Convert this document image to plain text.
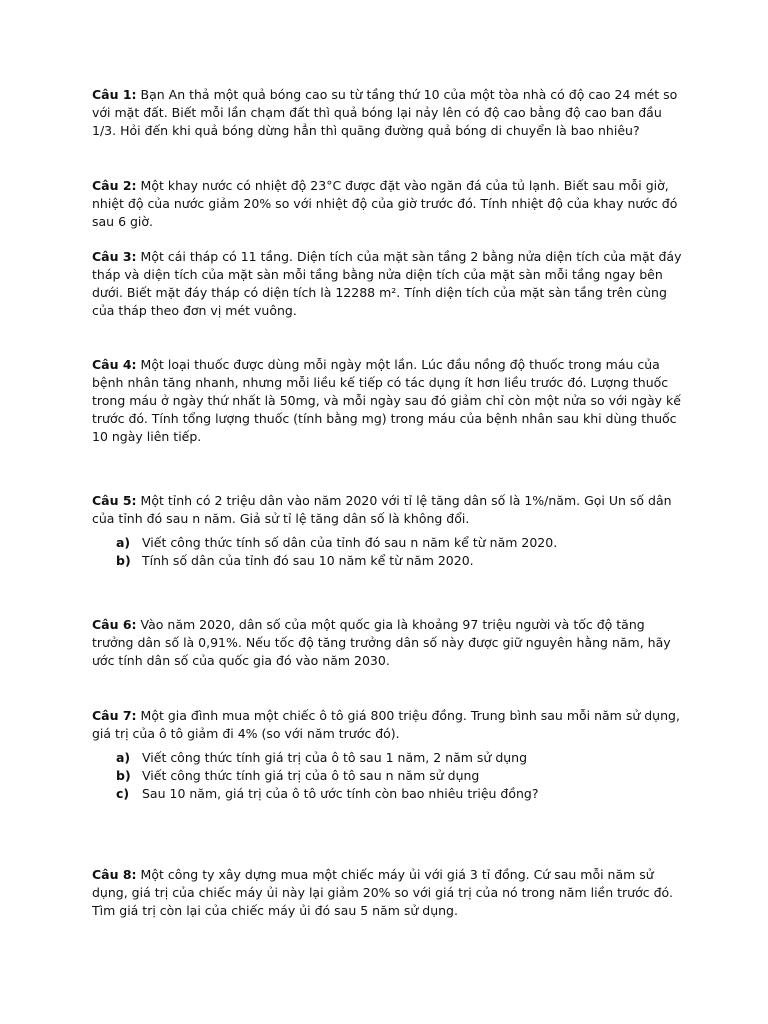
Câu 1: Bạn An thả một quả bóng cao su từ tầng thứ 10 của một tòa nhà có độ cao 24 mét so với mặt đất. Biết mỗi lần chạm đất thì quả bóng lại nảy lên có độ cao bằng độ cao ban đầu 1/3. Hỏi đến khi quả bóng dừng hẳn thì quãng đường quả bóng di chuyển là bao nhiêu?

Câu 2: Một khay nước có nhiệt độ 23°C được đặt vào ngăn đá của tủ lạnh. Biết sau mỗi giờ, nhiệt độ của nước giảm 20% so với nhiệt độ của giờ trước đó. Tính nhiệt độ của khay nước đó sau 6 giờ.

Câu 3: Một cái tháp có 11 tầng. Diện tích của mặt sàn tầng 2 bằng nửa diện tích của mặt đáy tháp và diện tích của mặt sàn mỗi tầng bằng nửa diện tích của mặt sàn mỗi tầng ngay bên dưới. Biết mặt đáy tháp có diện tích là 12288 m². Tính diện tích của mặt sàn tầng trên cùng của tháp theo đơn vị mét vuông.

Câu 4: Một loại thuốc được dùng mỗi ngày một lần. Lúc đầu nồng độ thuốc trong máu của bệnh nhân tăng nhanh, nhưng mỗi liều kế tiếp có tác dụng ít hơn liều trước đó. Lượng thuốc trong máu ở ngày thứ nhất là 50mg, và mỗi ngày sau đó giảm chỉ còn một nửa so với ngày kế trước đó. Tính tổng lượng thuốc (tính bằng mg) trong máu của bệnh nhân sau khi dùng thuốc 10 ngày liên tiếp.

Câu 5: Một tỉnh có 2 triệu dân vào năm 2020 với tỉ lệ tăng dân số là 1%/năm. Gọi Un số dân của tỉnh đó sau n năm. Giả sử tỉ lệ tăng dân số là không đổi.

a) Viết công thức tính số dân của tỉnh đó sau n năm kể từ năm 2020.
b) Tính số dân của tỉnh đó sau 10 năm kể từ năm 2020.

Câu 6: Vào năm 2020, dân số của một quốc gia là khoảng 97 triệu người và tốc độ tăng trưởng dân số là 0,91%. Nếu tốc độ tăng trưởng dân số này được giữ nguyên hằng năm, hãy ước tính dân số của quốc gia đó vào năm 2030.

Câu 7: Một gia đình mua một chiếc ô tô giá 800 triệu đồng. Trung bình sau mỗi năm sử dụng, giá trị của ô tô giảm đi 4% (so với năm trước đó).

a) Viết công thức tính giá trị của ô tô sau 1 năm, 2 năm sử dụng
b) Viết công thức tính giá trị của ô tô sau n năm sử dụng
c)	Sau 10 năm, giá trị của ô tô ước tính còn bao nhiêu triệu đồng?

Câu 8: Một công ty xây dựng mua một chiếc máy ủi với giá 3 tỉ đồng. Cứ sau mỗi năm sử dụng, giá trị của chiếc máy ủi này lại giảm 20% so với giá trị của nó trong năm liền trước đó. Tìm giá trị còn lại của chiếc máy ủi đó sau 5 năm sử dụng.
